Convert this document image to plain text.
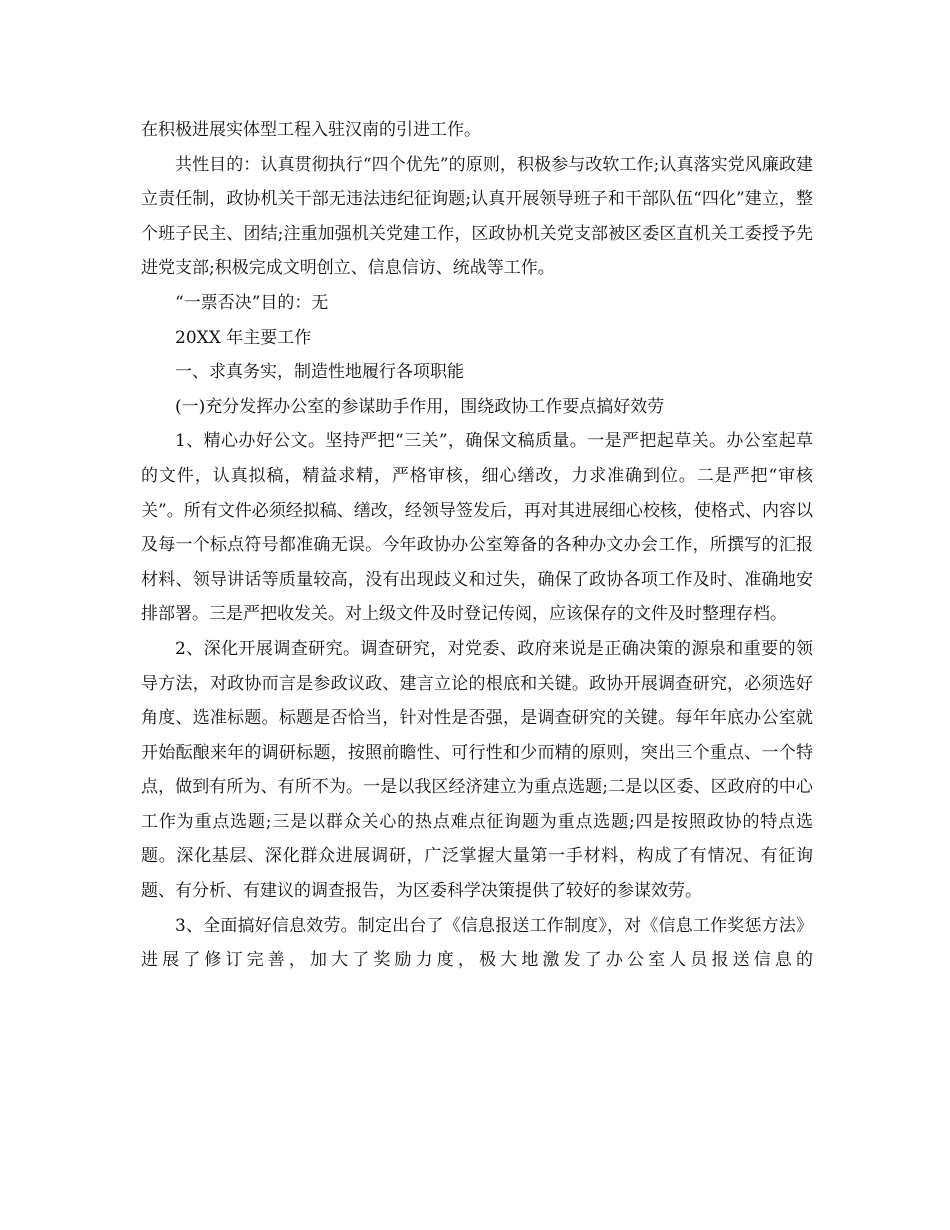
在积极进展实体型工程入驻汉南的引进工作。

共性目的：认真贯彻执行“四个优先”的原则，积极参与改软工作;认真落实党风廉政建立责任制，政协机关干部无违法违纪征询题;认真开展领导班子和干部队伍“四化”建立，整个班子民主、团结;注重加强机关党建工作，区政协机关党支部被区委区直机关工委授予先进党支部;积极完成文明创立、信息信访、统战等工作。

“一票否决”目的：无

20XX 年主要工作

一、求真务实，制造性地履行各项职能

(一)充分发挥办公室的参谋助手作用，围绕政协工作要点搞好效劳

1、精心办好公文。坚持严把“三关”，确保文稿质量。一是严把起草关。办公室起草的文件，认真拟稿，精益求精，严格审核，细心缮改，力求准确到位。二是严把“审核关”。所有文件必须经拟稿、缮改，经领导签发后，再对其进展细心校核，使格式、内容以及每一个标点符号都准确无误。今年政协办公室筹备的各种办文办会工作，所撰写的汇报材料、领导讲话等质量较高，没有出现歧义和过失，确保了政协各项工作及时、准确地安排部署。三是严把收发关。对上级文件及时登记传阅，应该保存的文件及时整理存档。

2、深化开展调查研究。调查研究，对党委、政府来说是正确决策的源泉和重要的领导方法，对政协而言是参政议政、建言立论的根底和关键。政协开展调查研究，必须选好角度、选准标题。标题是否恰当，针对性是否强，是调查研究的关键。每年年底办公室就开始酝酿来年的调研标题，按照前瞻性、可行性和少而精的原则，突出三个重点、一个特点，做到有所为、有所不为。一是以我区经济建立为重点选题;二是以区委、区政府的中心工作为重点选题;三是以群众关心的热点难点征询题为重点选题;四是按照政协的特点选题。深化基层、深化群众进展调研，广泛掌握大量第一手材料，构成了有情况、有征询题、有分析、有建议的调查报告，为区委科学决策提供了较好的参谋效劳。

3、全面搞好信息效劳。制定出台了《信息报送工作制度》，对《信息工作奖惩方法》进展了修订完善，加大了奖励力度，极大地激发了办公室人员报送信息的
